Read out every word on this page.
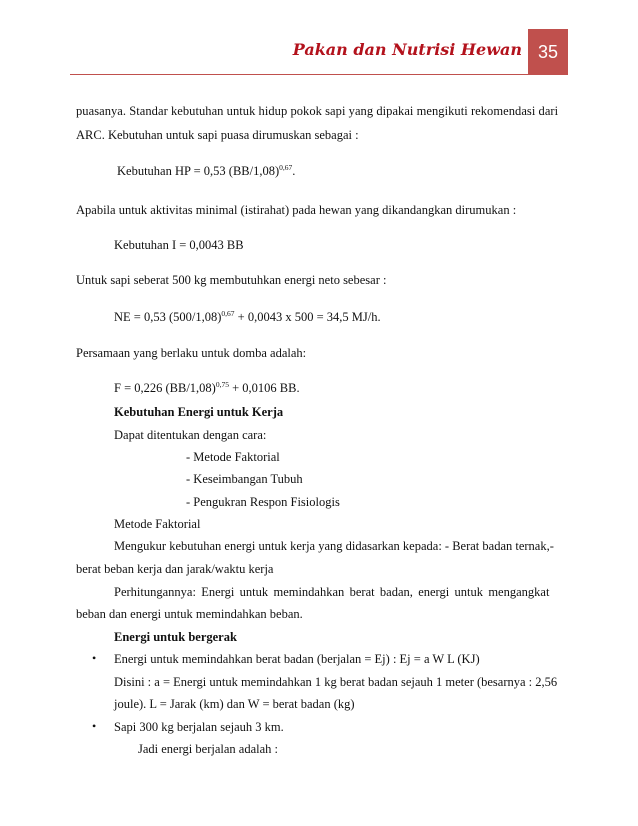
Pakan dan Nutrisi Hewan 35
puasanya. Standar kebutuhan untuk hidup pokok sapi yang dipakai mengikuti rekomendasi dari
ARC. Kebutuhan untuk sapi puasa dirumuskan sebagai :
Kebutuhan HP = 0,53 $(BB/1,08)^{0,67}$.
Apabila untuk aktivitas minimal (istirahat) pada hewan yang dikandangkan dirumukan :
Kebutuhan I = 0,0043 BB
Untuk sapi seberat 500 kg membutuhkan energi neto sebesar :
NE = 0,53 $(500/1,08)^{0,67} + 0,0043$ x 500 = 34,5 MJ/h.
Persamaan yang berlaku untuk domba adalah:
F = 0,226 $(BB/1,08)^{0,75} + 0,0106$ BB.
Kebutuhan Energi untuk Kerja
Dapat ditentukan dengan cara:
- Metode Faktorial
- Keseimbangan Tubuh
- Pengukran Respon Fisiologis
Metode Faktorial
Mengukur kebutuhan energi untuk kerja yang didasarkan kepada: - Berat badan ternak,-
berat beban kerja dan jarak/waktu kerja
Perhitungannya: Energi untuk memindahkan berat badan, energi untuk mengangkat
beban dan energi untuk memindahkan beban.
Energi untuk bergerak
• Energi untuk memindahkan berat badan (berjalan = Ej) : Ej = a W L (KJ)
Disini : a = Energi untuk memindahkan 1 kg berat badan sejauh 1 meter (besarnya : 2,56
joule). L = Jarak (km) dan W = berat badan (kg)
• Sapi 300 kg berjalan sejauh 3 km.
Jadi energi berjalan adalah :
